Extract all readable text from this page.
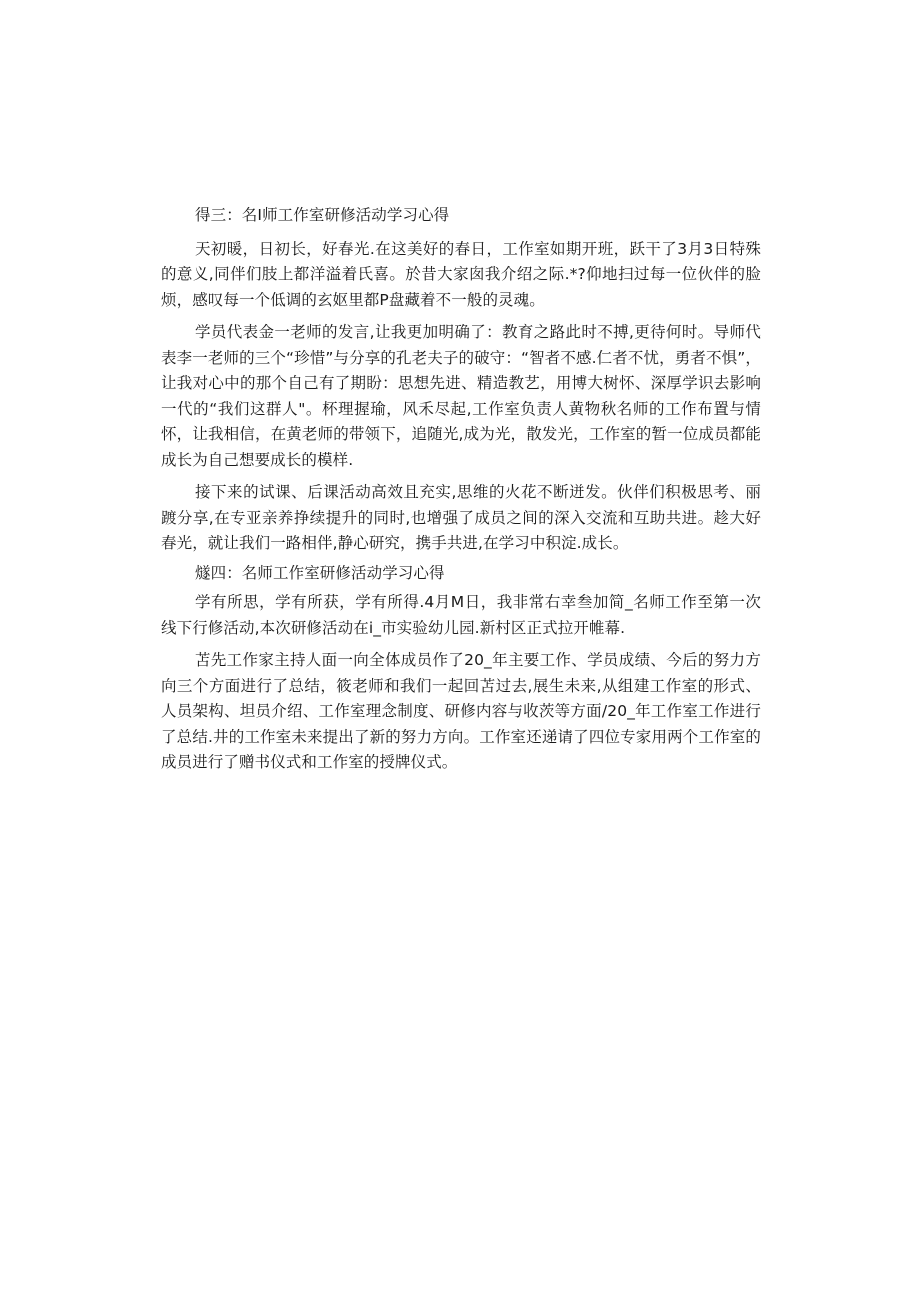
得三：名I师工作室研修活动学习心得

天初暖，日初长，好春光.在这美好的春日，工作室如期开班，跃干了3月3日特殊的意义,同伴们肢上都洋溢着氏喜。於昔大家囱我介绍之际.*?仰地扫过每一位伙伴的脸烦，感叹每一个低调的玄妪里都P盘藏着不一般的灵魂。

学员代表金一老师的发言,让我更加明确了：教育之路此时不搏,更待何时。导师代表李一老师的三个“珍惜”与分享的孔老夫子的破守：“智者不感.仁者不忧，勇者不惧”，让我对心中的那个自己有了期盼：思想先进、精造教艺，用博大树怀、深厚学识去影响一代的“我们这群人"。杯理握瑜，风禾尽起,工作室负责人黄物秋名师的工作布置与情怀，让我相信，在黄老师的带领下，追随光,成为光，散发光，工作室的暂一位成员都能成长为自己想要成长的模样.

接下来的试课、后课活动高效且充实,思维的火花不断迸发。伙伴们积极思考、丽踱分享,在专亚亲养挣续提升的同时,也增强了成员之间的深入交流和互助共进。趁大好春光，就让我们一路相伴,静心研究，携手共进,在学习中积淀.成长。

燧四：名师工作室研修活动学习心得

学有所思，学有所获，学有所得.4月M日，我非常右幸叁加简_名师工作至第一次线下行修活动,本次研修活动在i_市实验幼儿园.新村区正式拉开帷幕.

苫先工作家主持人面一向全体成员作了20_年主要工作、学员成绩、今后的努力方向三个方面进行了总结，筱老师和我们一起回苫过去,展生未来,从组建工作室的形式、人员架构、坦员介绍、工作室理念制度、研修内容与收茨等方面/20_年工作室工作进行了总结.井的工作室未来提出了新的努力方向。工作室还递请了四位专家用两个工作室的成员进行了赠书仪式和工作室的授牌仪式。
